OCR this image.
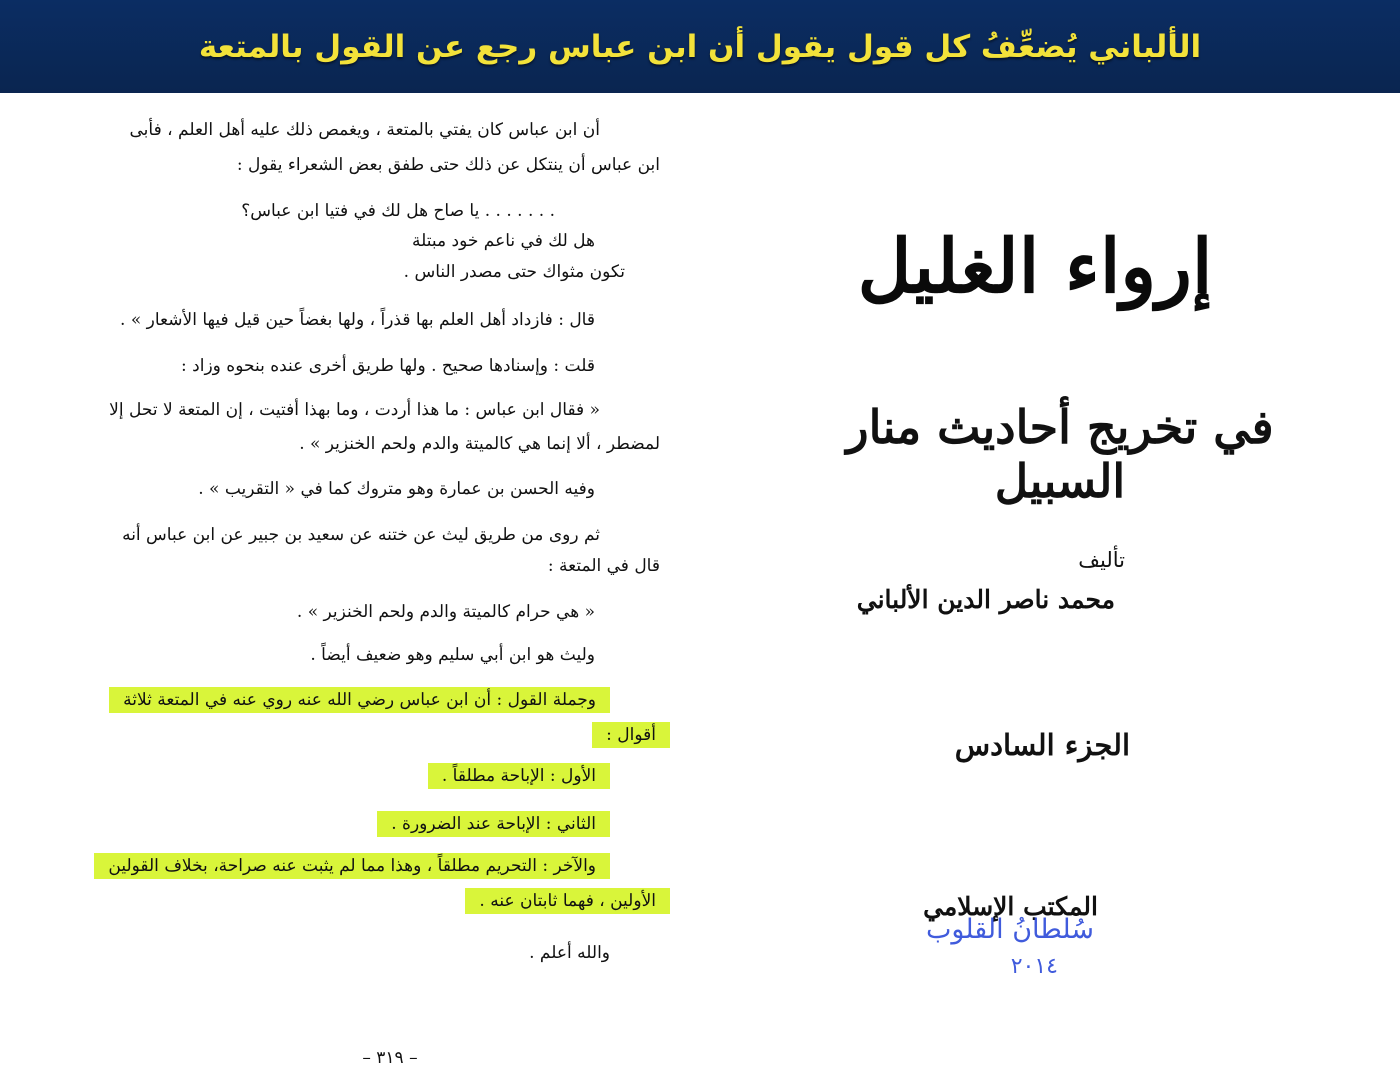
الألباني يُضعِّفُ كل قول يقول أن ابن عباس رجع عن القول بالمتعة
أن ابن عباس كان يفتي بالمتعة ، ويغمص ذلك عليه أهل العلم ، فأبى
ابن عباس أن ينتكل عن ذلك حتى طفق بعض الشعراء يقول :
. . . . . . . يا صاح هل لك في فتيا ابن عباس؟
هل لك في ناعم خود مبتلة
تكون مثواك حتى مصدر الناس .
قال : فازداد أهل العلم بها قذراً ، ولها بغضاً حين قيل فيها الأشعار » .
قلت : وإسنادها صحيح . ولها طريق أخرى عنده بنحوه وزاد :
« فقال ابن عباس : ما هذا أردت ، وما بهذا أفتيت ، إن المتعة لا تحل إلا
لمضطر ، ألا إنما هي كالميتة والدم ولحم الخنزير » .
وفيه الحسن بن عمارة وهو متروك كما في « التقريب » .
ثم روى من طريق ليث عن ختنه عن سعيد بن جبير عن ابن عباس أنه
قال في المتعة :
« هي حرام كالميتة والدم ولحم الخنزير » .
وليث هو ابن أبي سليم وهو ضعيف أيضاً .
وجملة القول : أن ابن عباس رضي الله عنه روي عنه في المتعة ثلاثة
أقوال :
الأول : الإباحة مطلقاً .
الثاني : الإباحة عند الضرورة .
والآخر : التحريم مطلقاً ، وهذا مما لم يثبت عنه صراحة، بخلاف القولين
الأولين ، فهما ثابتان عنه .
والله أعلم .
– ٣١٩ –
إرواء الغليل
في تخريج أحاديث منار السبيل
تأليف
محمد ناصر الدين الألباني
الجزء السادس
المكتب الإسلامي
سُلطانُ القلوب
٢٠١٤
